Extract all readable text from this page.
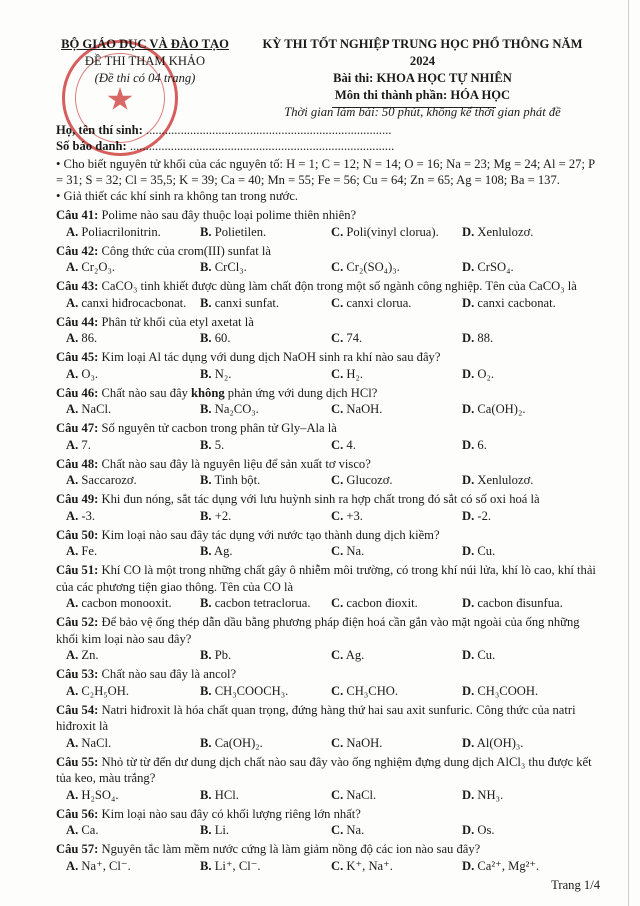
BỘ GIÁO DỤC VÀ ĐÀO TẠO
ĐỀ THI THAM KHẢO
(Đề thi có 04 trang)
KỲ THI TỐT NGHIỆP TRUNG HỌC PHỔ THÔNG NĂM 2024
Bài thi: KHOA HỌC TỰ NHIÊN
Môn thi thành phần: HÓA HỌC
Thời gian làm bài: 50 phút, không kể thời gian phát đề
Họ, tên thí sinh: ..............................................................................
Số báo danh: ....................................................................................
• Cho biết nguyên tử khối của các nguyên tố: H = 1; C = 12; N = 14; O = 16; Na = 23; Mg = 24; Al = 27; P = 31; S = 32; Cl = 35,5; K = 39; Ca = 40; Mn = 55; Fe = 56; Cu = 64; Zn = 65; Ag = 108; Ba = 137.
• Giả thiết các khí sinh ra không tan trong nước.
Câu 41: Polime nào sau đây thuộc loại polime thiên nhiên?
A. Poliacrilonitrin.	B. Polietilen.	C. Poli(vinyl clorua). D. Xenlulozơ.
Câu 42: Công thức của crom(III) sunfat là
A. Cr₂O₃.	B. CrCl₃.	C. Cr₂(SO₄)₃.	D. CrSO₄.
Câu 43: CaCO₃ tinh khiết được dùng làm chất độn trong một số ngành công nghiệp. Tên của CaCO₃ là
A. canxi hiđrocacbonat. B. canxi sunfat.	C. canxi clorua.	D. canxi cacbonat.
Câu 44: Phân tử khối của etyl axetat là
A. 86.	B. 60.	C. 74.	D. 88.
Câu 45: Kim loại Al tác dụng với dung dịch NaOH sinh ra khí nào sau đây?
A. O₃.	B. N₂.	C. H₂.	D. O₂.
Câu 46: Chất nào sau đây không phản ứng với dung dịch HCl?
A. NaCl.	B. Na₂CO₃.	C. NaOH.	D. Ca(OH)₂.
Câu 47: Số nguyên tử cacbon trong phân tử Gly–Ala là
A. 7.	B. 5.	C. 4.	D. 6.
Câu 48: Chất nào sau đây là nguyên liệu để sản xuất tơ visco?
A. Saccarozơ.	B. Tinh bột.	C. Glucozơ.	D. Xenlulozơ.
Câu 49: Khi đun nóng, sắt tác dụng với lưu huỳnh sinh ra hợp chất trong đó sắt có số oxi hoá là
A. -3.	B. +2.	C. +3.	D. -2.
Câu 50: Kim loại nào sau đây tác dụng với nước tạo thành dung dịch kiềm?
A. Fe.	B. Ag.	C. Na.	D. Cu.
Câu 51: Khí CO là một trong những chất gây ô nhiễm môi trường, có trong khí núi lửa, khí lò cao, khí thải của các phương tiện giao thông. Tên của CO là
A. cacbon monooxit. B. cacbon tetraclorua. C. cacbon đioxit.	D. cacbon đisunfua.
Câu 52: Để bảo vệ ống thép dẫn dầu bằng phương pháp điện hoá cần gắn vào mặt ngoài của ống những khối kim loại nào sau đây?
A. Zn.	B. Pb.	C. Ag.	D. Cu.
Câu 53: Chất nào sau đây là ancol?
A. C₂H₅OH.	B. CH₃COOCH₃.	C. CH₃CHO.	D. CH₃COOH.
Câu 54: Natri hiđroxit là hóa chất quan trọng, đứng hàng thứ hai sau axit sunfuric. Công thức của natri hiđroxit là
A. NaCl.	B. Ca(OH)₂.	C. NaOH.	D. Al(OH)₃.
Câu 55: Nhỏ từ từ đến dư dung dịch chất nào sau đây vào ống nghiệm đựng dung dịch AlCl₃ thu được kết tủa keo, màu trắng?
A. H₂SO₄.	B. HCl.	C. NaCl.	D. NH₃.
Câu 56: Kim loại nào sau đây có khối lượng riêng lớn nhất?
A. Ca.	B. Li.	C. Na.	D. Os.
Câu 57: Nguyên tắc làm mềm nước cứng là làm giảm nồng độ các ion nào sau đây?
A. Na⁺, Cl⁻.	B. Li⁺, Cl⁻.	C. K⁺, Na⁺.	D. Ca²⁺, Mg²⁺.
Trang 1/4
